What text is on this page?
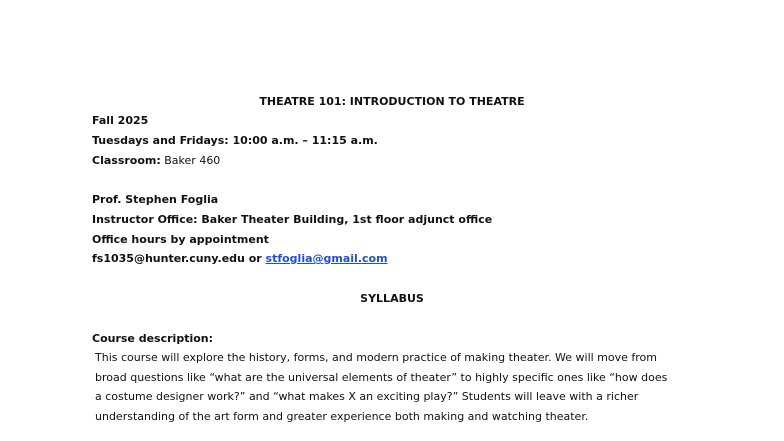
THEATRE 101: INTRODUCTION TO THEATRE
Fall 2025
Tuesdays and Fridays: 10:00 a.m. – 11:15 a.m.
Classroom: Baker 460
Prof. Stephen Foglia
Instructor Office: Baker Theater Building, 1st floor adjunct office
Office hours by appointment
fs1035@hunter.cuny.edu or stfoglia@gmail.com
SYLLABUS
Course description:
This course will explore the history, forms, and modern practice of making theater. We will move from
broad questions like “what are the universal elements of theater” to highly specific ones like “how does
a costume designer work?” and “what makes X an exciting play?” Students will leave with a richer
understanding of the art form and greater experience both making and watching theater.
